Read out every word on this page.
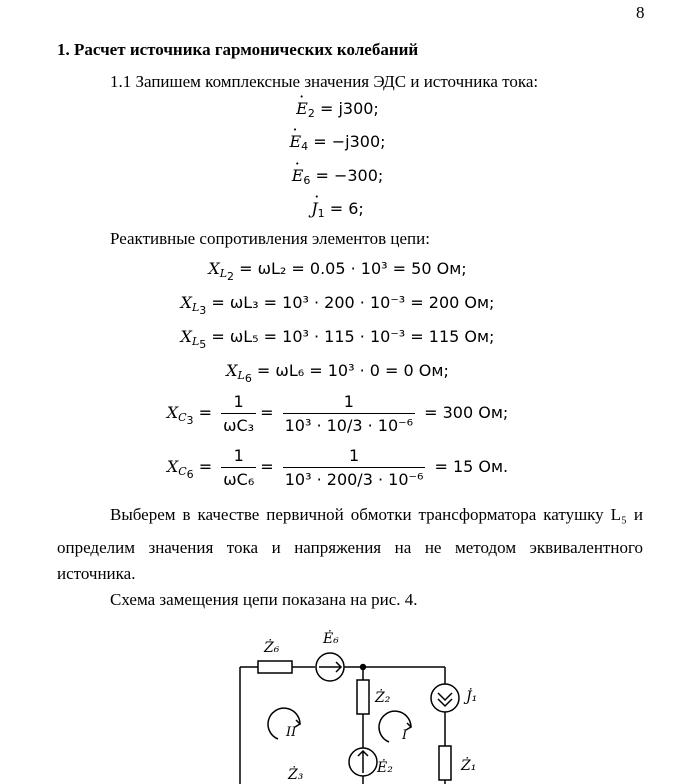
8
1. Расчет источника гармонических колебаний
1.1 Запишем комплексные значения ЭДС и источника тока:
· $E_2 = j300$;
· $E_4 = -j300$;
· $E_6 = -300$;
· $J_1 = 6$;
Реактивные сопротивления элементов цепи:
$X_{L_2} = \omega L_2 = 0.05 \cdot 10^3 = 50$ Ом;
$X_{L_3} = \omega L_3 = 10^3 \cdot 200 \cdot 10^{-3} = 200$ Ом;
$X_{L_5} = \omega L_5 = 10^3 \cdot 115 \cdot 10^{-3} = 115$ Ом;
$X_{L_6} = \omega L_6 = 10^3 \cdot 0 = 0$ Ом;
$X_{C_3} = \frac{1}{\text{ωC₃}} = \frac{1}{\text{10³ · 10/3 · 10⁻⁶}} = 300$ Ом;
$X_{C_6} = \frac{1}{\text{ωC₆}} = \frac{1}{\text{10³ · 200/3 · 10⁻⁶}} = 15$ Ом.
Выберем в качестве первичной обмотки трансформатора катушку L₅ и
определим значения тока и напряжения на не методом эквивалентного
источника.
Схема замещения цепи показана на рис. 4.
Ż₆
Ė₆
Ż₂	J̇₁
II	I
Ė₂	Ż₁
Ż₃
